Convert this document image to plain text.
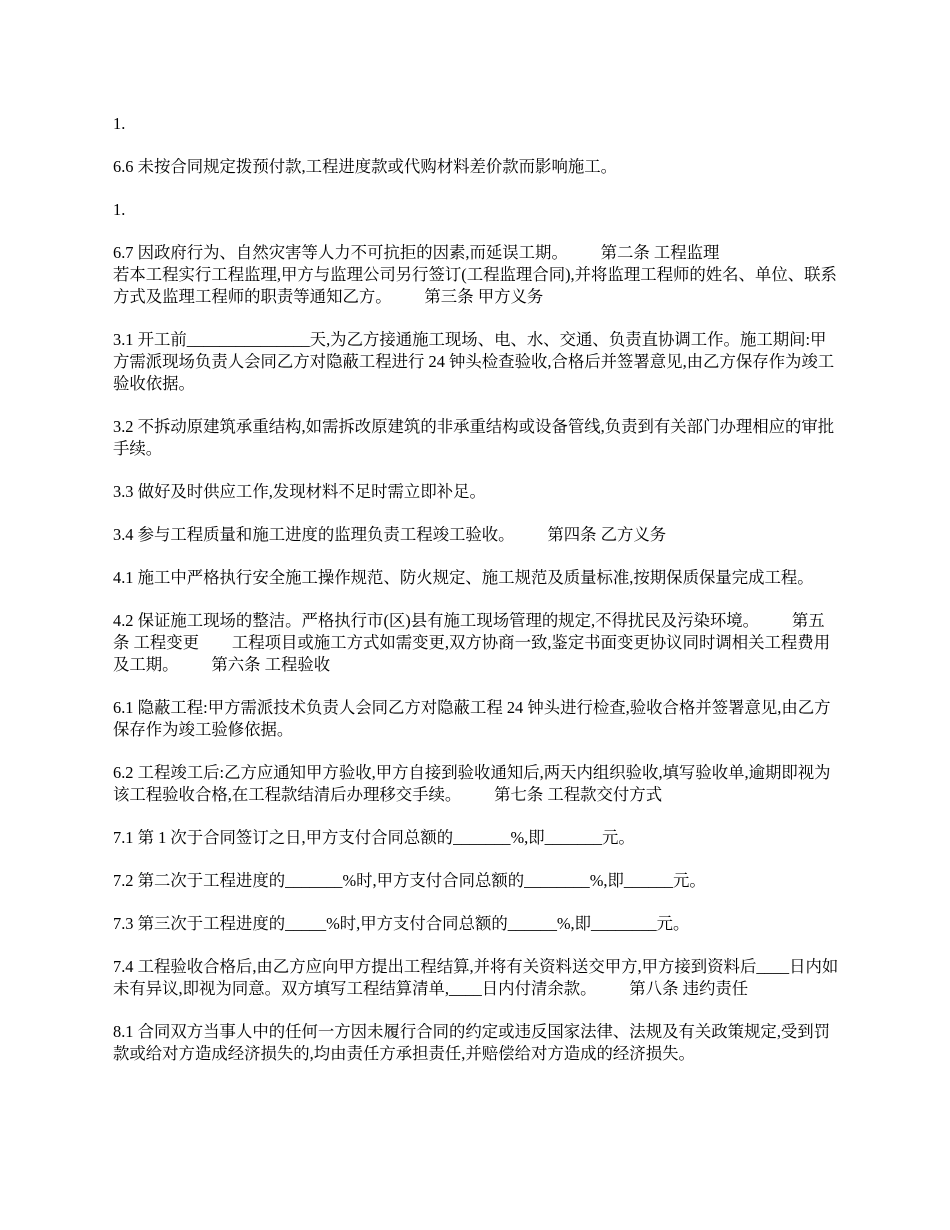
1.

6.6 未按合同规定拨预付款,工程进度款或代购材料差价款而影响施工。

1.

6.7 因政府行为、自然灾害等人力不可抗拒的因素,而延误工期。        第二条 工程监理
若本工程实行工程监理,甲方与监理公司另行签订(工程监理合同),并将监理工程师的姓名、单位、联系方式及监理工程师的职责等通知乙方。        第三条 甲方义务

3.1 开工前_______________天,为乙方接通施工现场、电、水、交通、负责直协调工作。施工期间:甲方需派现场负责人会同乙方对隐蔽工程进行 24 钟头检查验收,合格后并签署意见,由乙方保存作为竣工验收依据。

3.2 不拆动原建筑承重结构,如需拆改原建筑的非承重结构或设备管线,负责到有关部门办理相应的审批手续。

3.3 做好及时供应工作,发现材料不足时需立即补足。

3.4 参与工程质量和施工进度的监理负责工程竣工验收。        第四条 乙方义务

4.1 施工中严格执行安全施工操作规范、防火规定、施工规范及质量标准,按期保质保量完成工程。

4.2 保证施工现场的整洁。严格执行市(区)县有施工现场管理的规定,不得扰民及污染环境。        第五条 工程变更        工程项目或施工方式如需变更,双方协商一致,鉴定书面变更协议同时调相关工程费用及工期。        第六条 工程验收

6.1 隐蔽工程:甲方需派技术负责人会同乙方对隐蔽工程 24 钟头进行检查,验收合格并签署意见,由乙方保存作为竣工验修依据。

6.2 工程竣工后:乙方应通知甲方验收,甲方自接到验收通知后,两天内组织验收,填写验收单,逾期即视为该工程验收合格,在工程款结清后办理移交手续。        第七条 工程款交付方式

7.1 第 1 次于合同签订之日,甲方支付合同总额的_______%,即_______元。

7.2 第二次于工程进度的_______%时,甲方支付合同总额的________%,即______元。

7.3 第三次于工程进度的_____%时,甲方支付合同总额的______%,即________元。

7.4 工程验收合格后,由乙方应向甲方提出工程结算,并将有关资料送交甲方,甲方接到资料后____日内如未有异议,即视为同意。双方填写工程结算清单,____日内付清余款。        第八条 违约责任

8.1 合同双方当事人中的任何一方因未履行合同的约定或违反国家法律、法规及有关政策规定,受到罚款或给对方造成经济损失的,均由责任方承担责任,并赔偿给对方造成的经济损失。
